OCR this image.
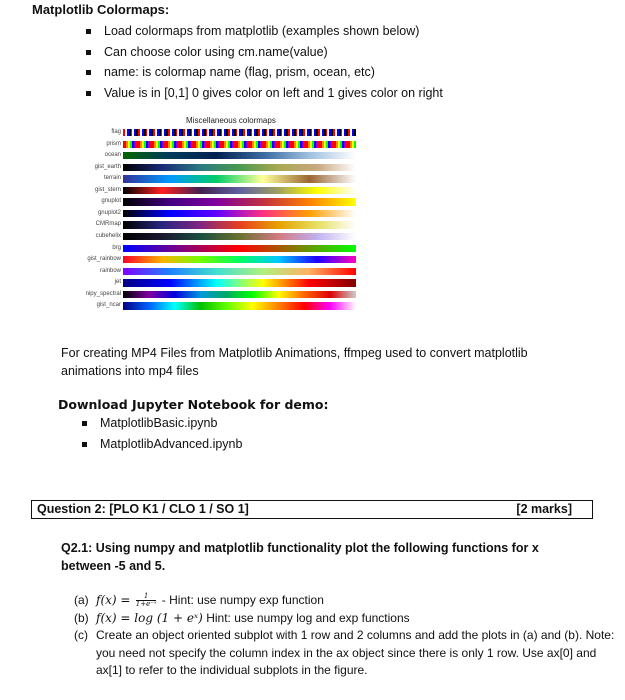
Matplotlib Colormaps:
Load colormaps from matplotlib (examples shown below)
Can choose color using cm.name(value)
name: is colormap name (flag, prism, ocean, etc)
Value is in [0,1] 0 gives color on left and 1 gives color on right
Miscellaneous colormaps
flag
prism
ocean
gist_earth
terrain
gist_stern
gnuplot
gnuplot2
CMRmap
cubehelix
brg
gist_rainbow
rainbow
jet
nipy_spectral
gist_ncar
For creating MP4 Files from Matplotlib Animations, ffmpeg used to convert matplotlib animations into mp4 files
Download Jupyter Notebook for demo:
MatplotlibBasic.ipynb
MatplotlibAdvanced.ipynb
Question 2: [PLO K1 / CLO 1 / SO 1]	[2 marks]
Q2.1: Using numpy and matplotlib functionality plot the following functions for x between -5 and 5.
(a) $f(x) = \frac{1}{\text{1+e⁻ˣ}}$ - Hint: use numpy exp function
(b) f(x) = log (1 + eˣ) Hint: use numpy log and exp functions
(c) Create an object oriented subplot with 1 row and 2 columns and add the plots in (a) and (b). Note: you need not specify the column index in the ax object since there is only 1 row. Use ax[0] and ax[1] to refer to the individual subplots in the figure.
